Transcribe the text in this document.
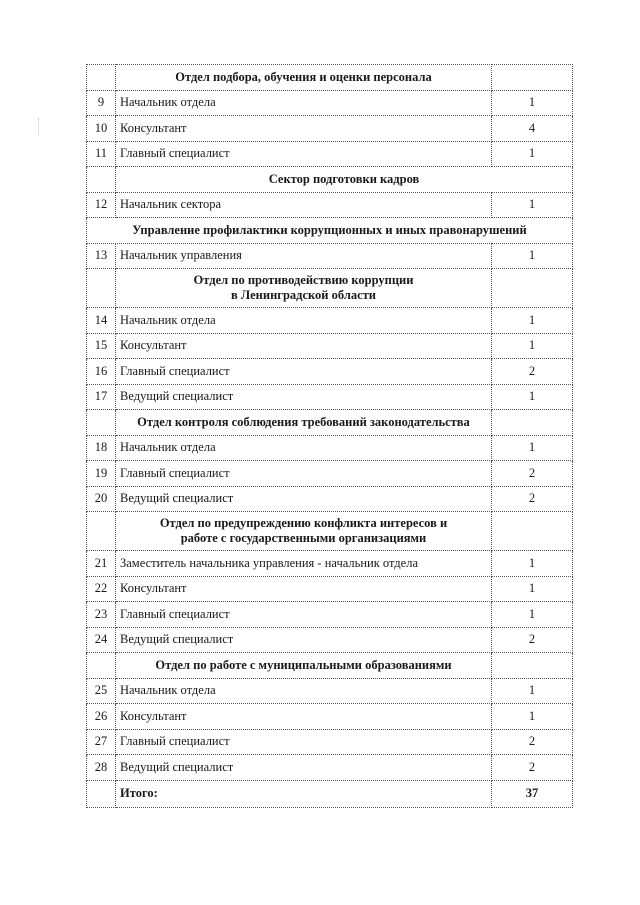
	Отдел подбора, обучения и оценки персонала	

9	Начальник отдела	1
10	Консультант	4
11	Главный специалист	1

	Сектор подготовки кадров	

12	Начальник сектора	1

Управление профилактики коррупционных и иных правонарушений		

13	Начальник управления	1

	Отдел по противодействию коррупции
в Ленинградской области	

14	Начальник отдела	1
15	Консультант	1
16	Главный специалист	2
17	Ведущий специалист	1

	Отдел контроля соблюдения требований законодательства	

18	Начальник отдела	1
19	Главный специалист	2
20	Ведущий специалист	2

	Отдел по предупреждению конфликта интересов и
работе с государственными организациями	

21	Заместитель начальника управления - начальник отдела	1
22	Консультант	1
23	Главный специалист	1
24	Ведущий специалист	2

	Отдел по работе с муниципальными образованиями	

25	Начальник отдела	1
26	Консультант	1
27	Главный специалист	2
28	Ведущий специалист	2
	Итого:	37
